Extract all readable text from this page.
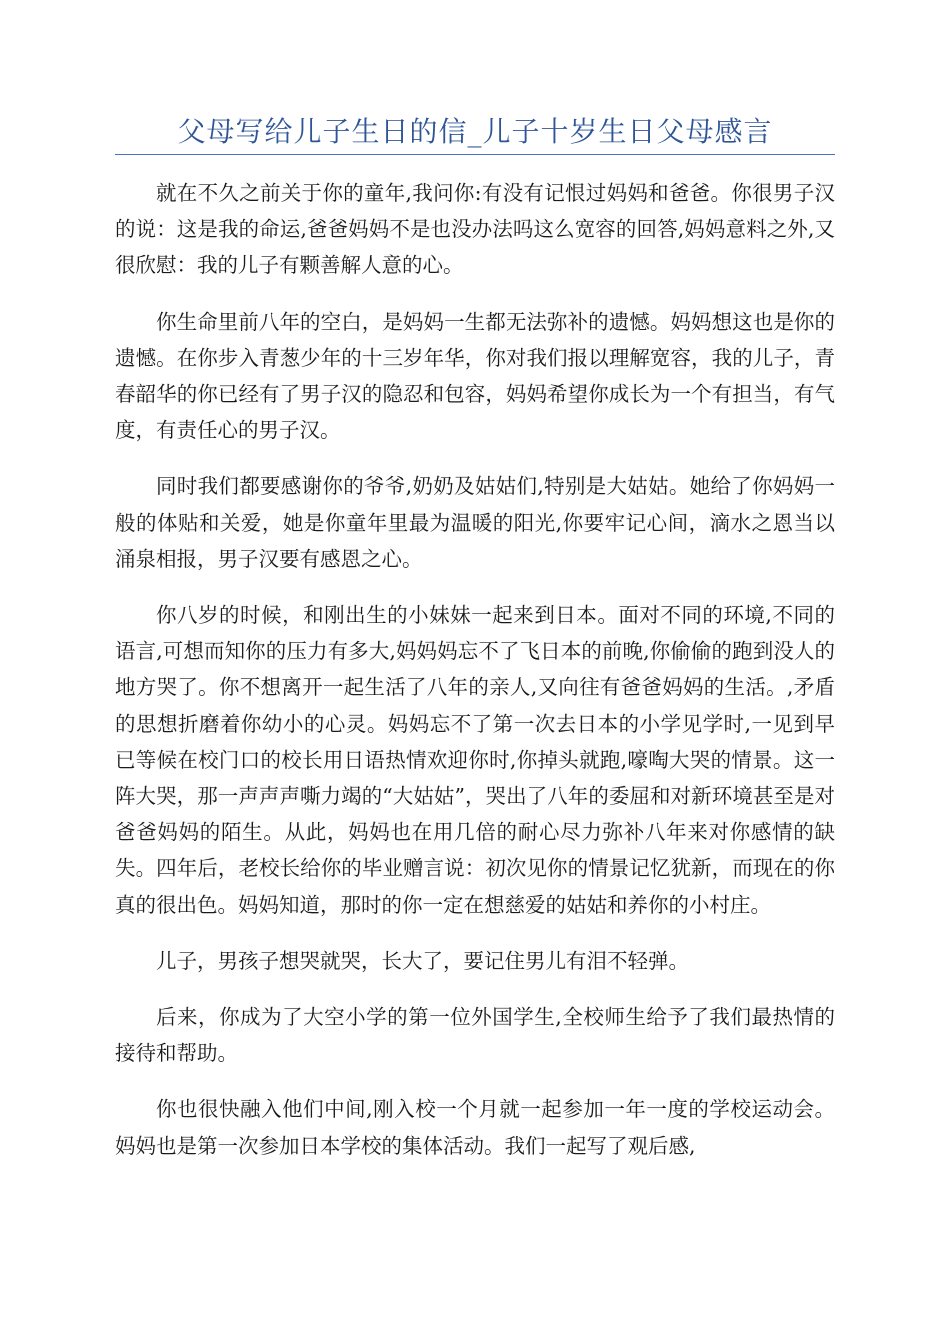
父母写给儿子生日的信_儿子十岁生日父母感言

就在不久之前关于你的童年,我问你:有没有记恨过妈妈和爸爸。你很男子汉的说：这是我的命运,爸爸妈妈不是也没办法吗这么宽容的回答,妈妈意料之外,又很欣慰：我的儿子有颗善解人意的心。

你生命里前八年的空白，是妈妈一生都无法弥补的遗憾。妈妈想这也是你的遗憾。在你步入青葱少年的十三岁年华，你对我们报以理解宽容，我的儿子，青春韶华的你已经有了男子汉的隐忍和包容，妈妈希望你成长为一个有担当，有气度，有责任心的男子汉。

同时我们都要感谢你的爷爷,奶奶及姑姑们,特别是大姑姑。她给了你妈妈一般的体贴和关爱，她是你童年里最为温暖的阳光,你要牢记心间，滴水之恩当以涌泉相报，男子汉要有感恩之心。

你八岁的时候，和刚出生的小妹妹一起来到日本。面对不同的环境,不同的语言,可想而知你的压力有多大,妈妈妈忘不了飞日本的前晚,你偷偷的跑到没人的地方哭了。你不想离开一起生活了八年的亲人,又向往有爸爸妈妈的生活。,矛盾的思想折磨着你幼小的心灵。妈妈忘不了第一次去日本的小学见学时,一见到早已等候在校门口的校长用日语热情欢迎你时,你掉头就跑,嚎啕大哭的情景。这一阵大哭，那一声声声嘶力竭的“大姑姑”，哭出了八年的委屈和对新环境甚至是对爸爸妈妈的陌生。从此，妈妈也在用几倍的耐心尽力弥补八年来对你感情的缺失。四年后，老校长给你的毕业赠言说：初次见你的情景记忆犹新，而现在的你真的很出色。妈妈知道，那时的你一定在想慈爱的姑姑和养你的小村庄。

儿子，男孩子想哭就哭，长大了，要记住男儿有泪不轻弹。

后来，你成为了大空小学的第一位外国学生,全校师生给予了我们最热情的接待和帮助。

你也很快融入他们中间,刚入校一个月就一起参加一年一度的学校运动会。妈妈也是第一次参加日本学校的集体活动。我们一起写了观后感,
